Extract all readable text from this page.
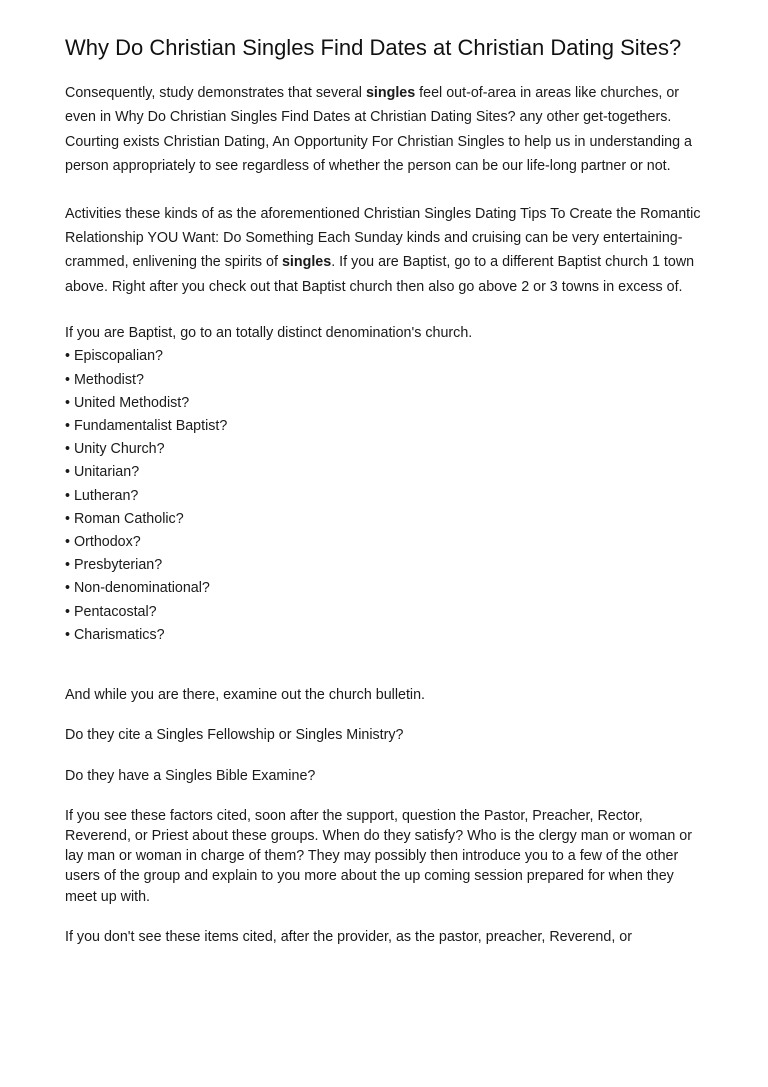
Why Do Christian Singles Find Dates at Christian Dating Sites?

Consequently, study demonstrates that several singles feel out-of-area in areas like churches, or even in Why Do Christian Singles Find Dates at Christian Dating Sites? any other get-togethers. Courting exists Christian Dating, An Opportunity For Christian Singles to help us in understanding a person appropriately to see regardless of whether the person can be our life-long partner or not.

Activities these kinds of as the aforementioned Christian Singles Dating Tips To Create the Romantic Relationship YOU Want: Do Something Each Sunday kinds and cruising can be very entertaining-crammed, enlivening the spirits of singles. If you are Baptist, go to a different Baptist church 1 town above. Right after you check out that Baptist church then also go above 2 or 3 towns in excess of.

If you are Baptist, go to an totally distinct denomination's church.

• Episcopalian?
• Methodist?
• United Methodist?
• Fundamentalist Baptist?
• Unity Church?
• Unitarian?
• Lutheran?
• Roman Catholic?
• Orthodox?
• Presbyterian?
• Non-denominational?
• Pentacostal?
• Charismatics?

And while you are there, examine out the church bulletin.

Do they cite a Singles Fellowship or Singles Ministry?

Do they have a Singles Bible Examine?

If you see these factors cited, soon after the support, question the Pastor, Preacher, Rector, Reverend, or Priest about these groups. When do they satisfy? Who is the clergy man or woman or lay man or woman in charge of them? They may possibly then introduce you to a few of the other users of the group and explain to you more about the up coming session prepared for when they meet up with.

If you don't see these items cited, after the provider, as the pastor, preacher, Reverend, or
